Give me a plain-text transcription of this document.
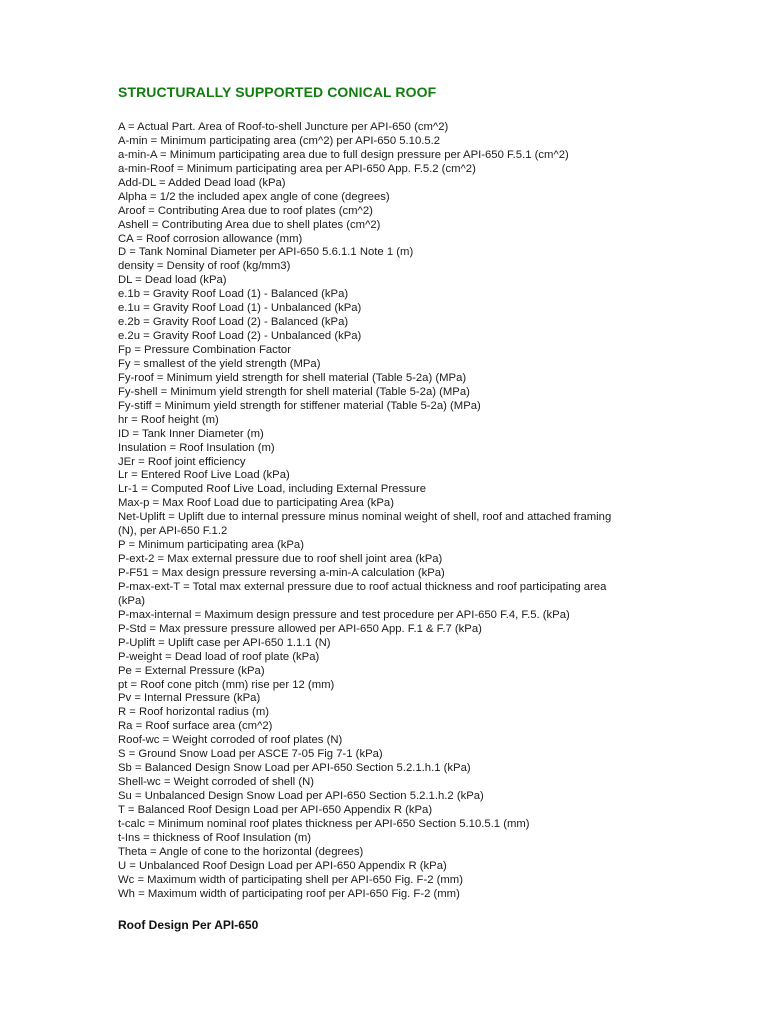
STRUCTURALLY SUPPORTED CONICAL ROOF
A = Actual Part. Area of Roof-to-shell Juncture per API-650 (cm^2)
A-min = Minimum participating area (cm^2) per API-650 5.10.5.2
a-min-A = Minimum participating area due to full design pressure per API-650 F.5.1 (cm^2)
a-min-Roof = Minimum participating area per API-650 App. F.5.2 (cm^2)
Add-DL = Added Dead load (kPa)
Alpha = 1/2 the included apex angle of cone (degrees)
Aroof = Contributing Area due to roof plates (cm^2)
Ashell = Contributing Area due to shell plates (cm^2)
CA = Roof corrosion allowance (mm)
D = Tank Nominal Diameter per API-650 5.6.1.1 Note 1 (m)
density = Density of roof (kg/mm3)
DL = Dead load (kPa)
e.1b = Gravity Roof Load (1) - Balanced (kPa)
e.1u = Gravity Roof Load (1) - Unbalanced (kPa)
e.2b = Gravity Roof Load (2) - Balanced (kPa)
e.2u = Gravity Roof Load (2) - Unbalanced (kPa)
Fp = Pressure Combination Factor
Fy = smallest of the yield strength (MPa)
Fy-roof = Minimum yield strength for shell material (Table 5-2a) (MPa)
Fy-shell = Minimum yield strength for shell material (Table 5-2a) (MPa)
Fy-stiff = Minimum yield strength for stiffener material (Table 5-2a) (MPa)
hr = Roof height (m)
ID = Tank Inner Diameter (m)
Insulation = Roof Insulation (m)
JEr = Roof joint efficiency
Lr = Entered Roof Live Load (kPa)
Lr-1 = Computed Roof Live Load, including External Pressure
Max-p = Max Roof Load due to participating Area (kPa)
Net-Uplift = Uplift due to internal pressure minus nominal weight of shell, roof and attached framing
(N), per API-650 F.1.2
P = Minimum participating area (kPa)
P-ext-2 = Max external pressure due to roof shell joint area (kPa)
P-F51 = Max design pressure reversing a-min-A calculation (kPa)
P-max-ext-T = Total max external pressure due to roof actual thickness and roof participating area
(kPa)
P-max-internal = Maximum design pressure and test procedure per API-650 F.4, F.5. (kPa)
P-Std = Max pressure pressure allowed per API-650 App. F.1 & F.7 (kPa)
P-Uplift = Uplift case per API-650 1.1.1 (N)
P-weight = Dead load of roof plate (kPa)
Pe = External Pressure (kPa)
pt = Roof cone pitch (mm) rise per 12 (mm)
Pv = Internal Pressure (kPa)
R = Roof horizontal radius (m)
Ra = Roof surface area (cm^2)
Roof-wc = Weight corroded of roof plates (N)
S = Ground Snow Load per ASCE 7-05 Fig 7-1 (kPa)
Sb = Balanced Design Snow Load per API-650 Section 5.2.1.h.1 (kPa)
Shell-wc = Weight corroded of shell (N)
Su = Unbalanced Design Snow Load per API-650 Section 5.2.1.h.2 (kPa)
T = Balanced Roof Design Load per API-650 Appendix R (kPa)
t-calc = Minimum nominal roof plates thickness per API-650 Section 5.10.5.1 (mm)
t-Ins = thickness of Roof Insulation (m)
Theta = Angle of cone to the horizontal (degrees)
U = Unbalanced Roof Design Load per API-650 Appendix R (kPa)
Wc = Maximum width of participating shell per API-650 Fig. F-2 (mm)
Wh = Maximum width of participating roof per API-650 Fig. F-2 (mm)
Roof Design Per API-650
